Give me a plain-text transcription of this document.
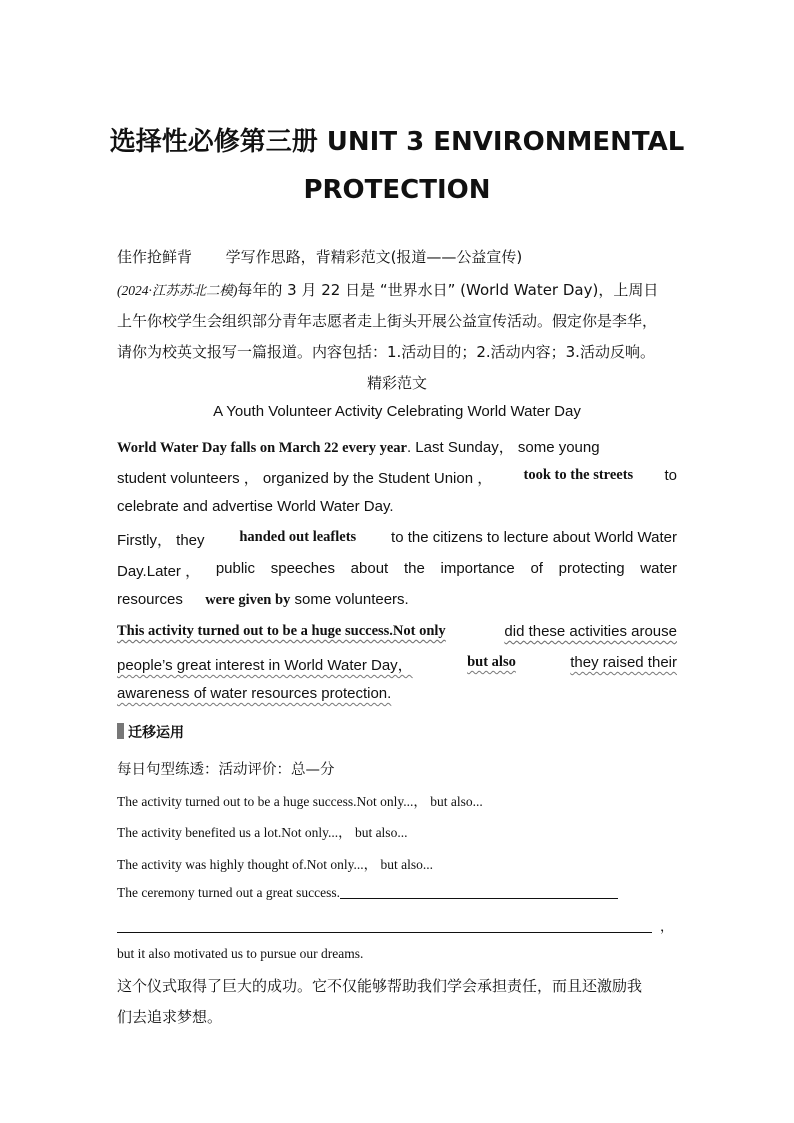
选择性必修第三册 UNIT 3 ENVIRONMENTAL
PROTECTION
佳作抢鲜背 学写作思路，背精彩范文(报道——公益宣传)
(2024·江苏苏北二模)每年的 3 月 22 日是 “世界水日” (World Water Day)，上周日
上午你校学生会组织部分青年志愿者走上街头开展公益宣传活动。假定你是李华，
请你为校英文报写一篇报道。内容包括：1.活动目的；2.活动内容；3.活动反响。
精彩范文
A Youth Volunteer Activity Celebrating World Water Day
World Water Day falls on March 22 every year. Last Sunday， some young
student volunteers ， organized by the Student Union ， took to the streets to
celebrate and advertise World Water Day.
Firstly， they handed out leaflets to the citizens to lecture about World Water
Day.Later ， public speeches about the importance of protecting water
resources were given by some volunteers.
This activity turned out to be a huge success.Not only	did these activities arouse
people’s great interest in World Water Day，	but also	they raised their
awareness of water resources protection.
迁移运用
每日句型练透：活动评价：总—分
The activity turned out to be a huge success.Not only...， but also...
The activity benefited us a lot.Not only...， but also...
The activity was highly thought of.Not only...， but also...
The ceremony turned out a great success.
，
but it also motivated us to pursue our dreams.
这个仪式取得了巨大的成功。它不仅能够帮助我们学会承担责任，而且还激励我
们去追求梦想。
